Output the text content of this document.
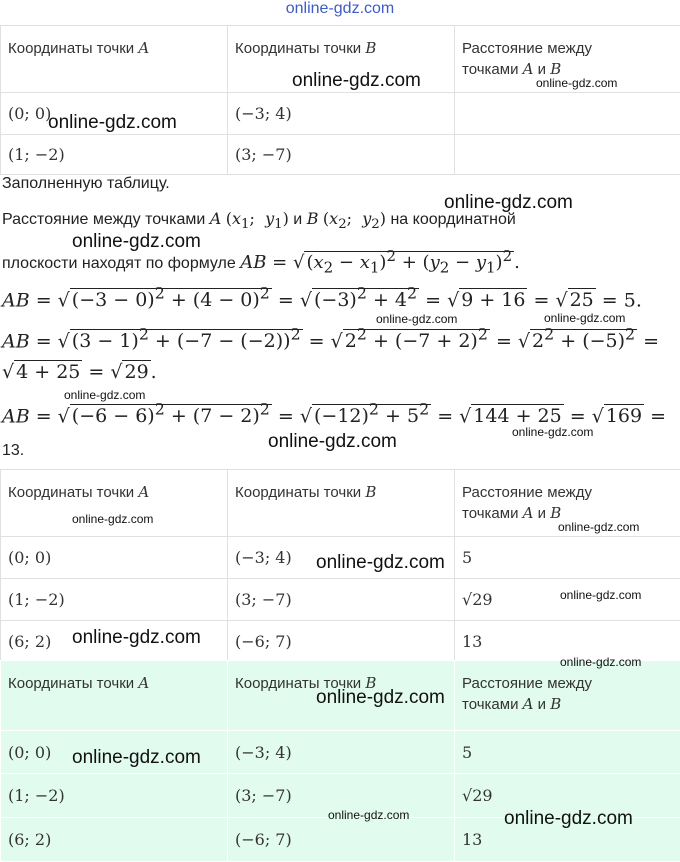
online-gdz.com
Координаты точки A	Координаты точки B	Расстояние между
точками A и B
(0; 0)	(−3; 4)	
(1; −2)	(3; −7)	
Заполненную таблицу.
Расстояние между точками A ($x_1$;  $y_1$) и B ($x_2$;  $y_2$) на координатной
плоскости находят по формуле AB = √ $(x_2 - x_1)^2 + (y_2 - y_1)^2$ .
AB = √ $(-3 - 0)^2 + (4 - 0)^2$ = √ $(-3)^2 + 4^2$ = √ 9 + 16 = √ 25 = 5.
AB = √ $(3 - 1)^2 + (-7 - (-2))^2$ = √ $2^2 + (-7 + 2)^2$ = √ $2^2 + (-5)^2$ =
√ 4 + 25 = √ 29 .
AB = √ $(-6 - 6)^2 + (7 - 2)^2$ = √ $(-12)^2 + 5^2$ = √ 144 + 25 = √ 169 =
13.
Координаты точки A	Координаты точки B	Расстояние между
точками A и B
(0; 0)	(−3; 4)	5
(1; −2)	(3; −7)	√29
(6; 2)	(−6; 7)	13
Координаты точки A	Координаты точки B	Расстояние между
точками A и B
(0; 0)	(−3; 4)	5
(1; −2)	(3; −7)	√29
(6; 2)	(−6; 7)	13
online-gdz.com	online-gdz.com
online-gdz.com
online-gdz.com
online-gdz.com
online-gdz.com	online-gdz.com
online-gdz.com
online-gdz.com
online-gdz.com
online-gdz.com
online-gdz.com
online-gdz.com
online-gdz.com
online-gdz.com
online-gdz.com
online-gdz.com
online-gdz.com
online-gdz.com	online-gdz.com
